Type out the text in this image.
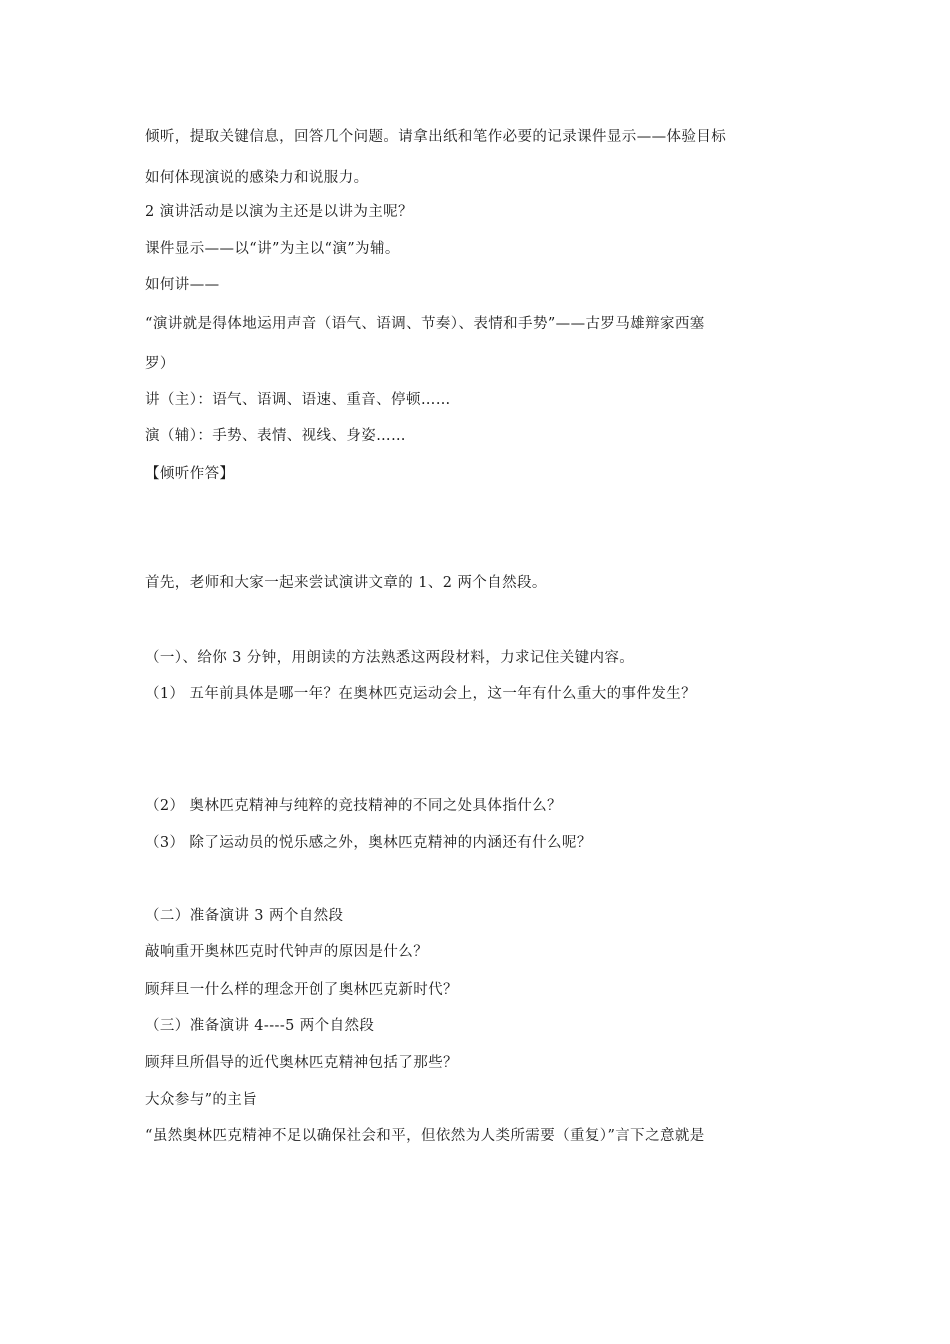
倾听，提取关键信息，回答几个问题。请拿出纸和笔作必要的记录课件显示——体验目标
如何体现演说的感染力和说服力。
2 演讲活动是以演为主还是以讲为主呢？
课件显示——以“讲”为主以“演”为辅。
如何讲——
“演讲就是得体地运用声音（语气、语调、节奏）、表情和手势”——古罗马雄辩家西塞
罗）
讲（主）：语气、语调、语速、重音、停顿……
演（辅）：手势、表情、视线、身姿……
【倾听作答】
首先，老师和大家一起来尝试演讲文章的 1、2 两个自然段。
（一）、给你 3 分钟，用朗读的方法熟悉这两段材料，力求记住关键内容。
（1） 五年前具体是哪一年？在奥林匹克运动会上，这一年有什么重大的事件发生？
（2） 奥林匹克精神与纯粹的竞技精神的不同之处具体指什么？
（3） 除了运动员的悦乐感之外，奥林匹克精神的内涵还有什么呢？
（二）准备演讲 3 两个自然段
敲响重开奥林匹克时代钟声的原因是什么？
顾拜旦一什么样的理念开创了奥林匹克新时代？
（三）准备演讲 4----5 两个自然段
顾拜旦所倡导的近代奥林匹克精神包括了那些？
大众参与”的主旨
“虽然奥林匹克精神不足以确保社会和平，但依然为人类所需要（重复）”言下之意就是
